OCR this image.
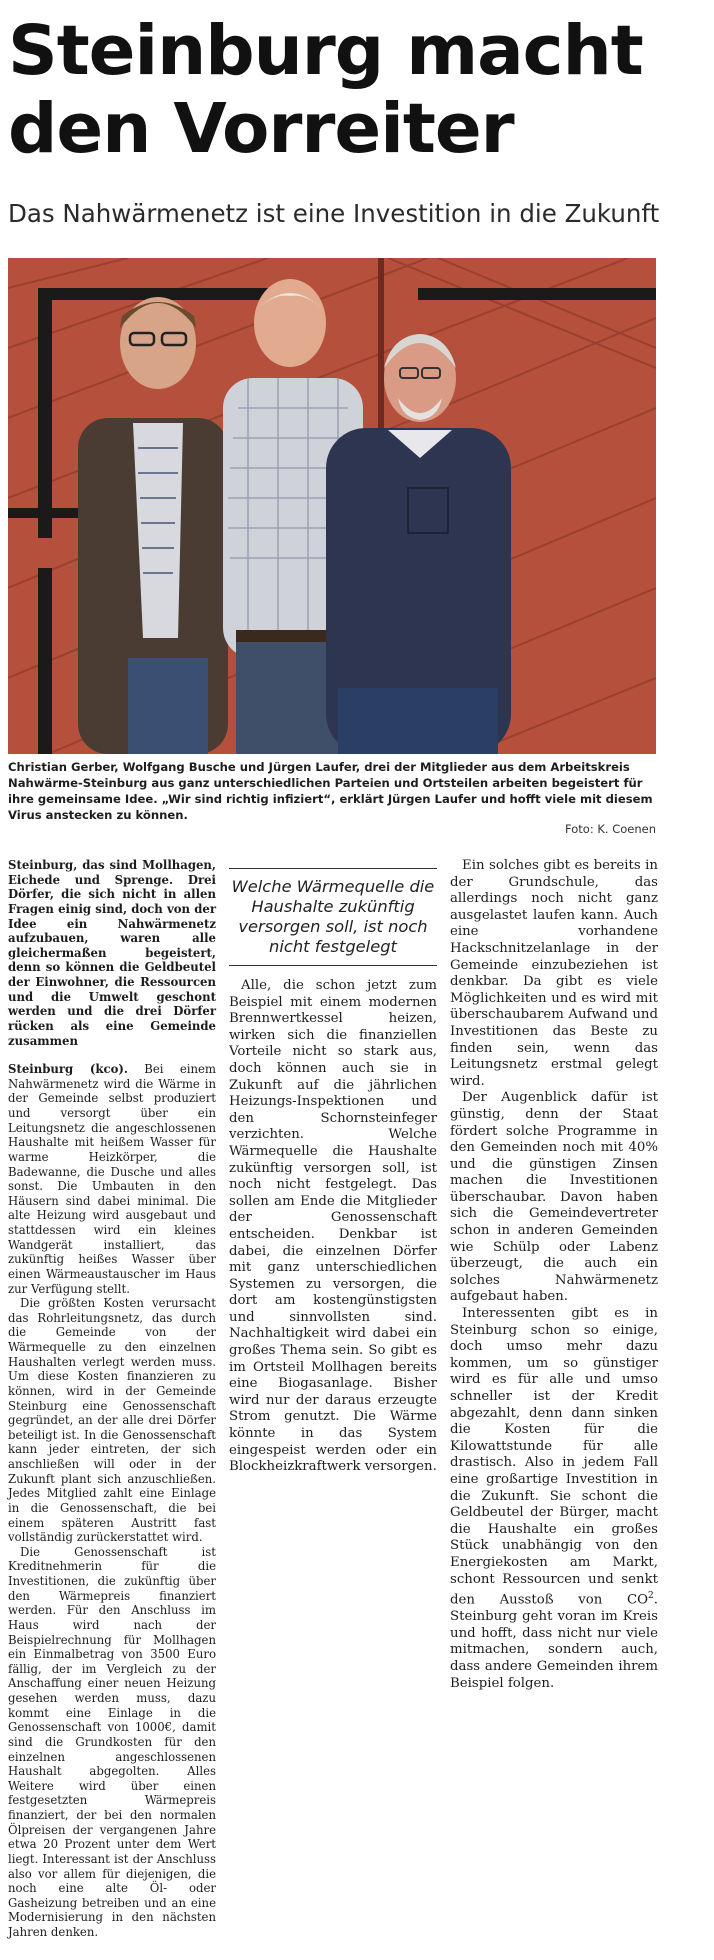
Steinburg macht
den Vorreiter

Das Nahwärmenetz ist eine Investition in die Zukunft

Christian Gerber, Wolfgang Busche und Jürgen Laufer, drei der Mitglieder aus dem Arbeitskreis Nahwärme-Steinburg aus ganz unterschiedlichen Parteien und Ortsteilen arbeiten begeistert für ihre gemeinsame Idee. „Wir sind richtig infiziert“, erklärt Jürgen Laufer und hofft viele mit diesem Virus anstecken zu können.

Foto: K. Coenen

Steinburg, das sind Mollhagen, Eichede und Sprenge. Drei Dörfer, die sich nicht in allen Fragen einig sind, doch von der Idee ein Nahwärmenetz aufzubauen, waren alle gleichermaßen begeistert, denn so können die Geldbeutel der Einwohner, die Ressourcen und die Umwelt geschont werden und die drei Dörfer rücken als eine Gemeinde zusammen

Steinburg (kco). Bei einem Nahwärmenetz wird die Wärme in der Gemeinde selbst produziert und versorgt über ein Leitungsnetz die angeschlossenen Haushalte mit heißem Wasser für warme Heizkörper, die Badewanne, die Dusche und alles sonst. Die Umbauten in den Häusern sind dabei minimal. Die alte Heizung wird ausgebaut und stattdessen wird ein kleines Wandgerät installiert, das zukünftig heißes Wasser über einen Wärmeaustauscher im Haus zur Verfügung stellt.

Die größten Kosten verursacht das Rohrleitungsnetz, das durch die Gemeinde von der Wärmequelle zu den einzelnen Haushalten verlegt werden muss. Um diese Kosten finanzieren zu können, wird in der Gemeinde Steinburg eine Genossenschaft gegründet, an der alle drei Dörfer beteiligt ist. In die Genossenschaft kann jeder eintreten, der sich anschließen will oder in der Zukunft plant sich anzuschließen. Jedes Mitglied zahlt eine Einlage in die Genossenschaft, die bei einem späteren Austritt fast vollständig zurückerstattet wird.

Die Genossenschaft ist Kreditnehmerin für die Investitionen, die zukünftig über den Wärmepreis finanziert werden. Für den Anschluss im Haus wird nach der Beispielrechnung für Mollhagen ein Einmalbetrag von 3500 Euro fällig, der im Vergleich zu der Anschaffung einer neuen Heizung gesehen werden muss, dazu kommt eine Einlage in die Genossenschaft von 1000€, damit sind die Grundkosten für den einzelnen angeschlossenen Haushalt abgegolten. Alles Weitere wird über einen festgesetzten Wärmepreis finanziert, der bei den normalen Ölpreisen der vergangenen Jahre etwa 20 Prozent unter dem Wert liegt. Interessant ist der Anschluss also vor allem für diejenigen, die noch eine alte Öl- oder Gasheizung betreiben und an eine Modernisierung in den nächsten Jahren denken.

Welche Wärmequelle die Haushalte zukünftig versorgen soll, ist noch nicht festgelegt

Alle, die schon jetzt zum Beispiel mit einem modernen Brennwertkessel heizen, wirken sich die finanziellen Vorteile nicht so stark aus, doch können auch sie in Zukunft auf die jährlichen Heizungs-Inspektionen und den Schornsteinfeger verzichten. Welche Wärmequelle die Haushalte zukünftig versorgen soll, ist noch nicht festgelegt. Das sollen am Ende die Mitglieder der Genossenschaft entscheiden. Denkbar ist dabei, die einzelnen Dörfer mit ganz unterschiedlichen Systemen zu versorgen, die dort am kostengünstigsten und sinnvollsten sind. Nachhaltigkeit wird dabei ein großes Thema sein. So gibt es im Ortsteil Mollhagen bereits eine Biogasanlage. Bisher wird nur der daraus erzeugte Strom genutzt. Die Wärme könnte in das System eingespeist werden oder ein Blockheizkraftwerk versorgen.

Ein solches gibt es bereits in der Grundschule, das allerdings noch nicht ganz ausgelastet laufen kann. Auch eine vorhandene Hackschnitzelanlage in der Gemeinde einzubeziehen ist denkbar. Da gibt es viele Möglichkeiten und es wird mit überschaubarem Aufwand und Investitionen das Beste zu finden sein, wenn das Leitungsnetz erstmal gelegt wird.

Der Augenblick dafür ist günstig, denn der Staat fördert solche Programme in den Gemeinden noch mit 40% und die günstigen Zinsen machen die Investitionen überschaubar. Davon haben sich die Gemeindevertreter schon in anderen Gemeinden wie Schülp oder Labenz überzeugt, die auch ein solches Nahwärmenetz aufgebaut haben.

Interessenten gibt es in Steinburg schon so einige, doch umso mehr dazu kommen, um so günstiger wird es für alle und umso schneller ist der Kredit abgezahlt, denn dann sinken die Kosten für die Kilowattstunde für alle drastisch. Also in jedem Fall eine großartige Investition in die Zukunft. Sie schont die Geldbeutel der Bürger, macht die Haushalte ein großes Stück unabhängig von den Energiekosten am Markt, schont Ressourcen und senkt den Ausstoß von $CO^2$. Steinburg geht voran im Kreis und hofft, dass nicht nur viele mitmachen, sondern auch, dass andere Gemeinden ihrem Beispiel folgen.
